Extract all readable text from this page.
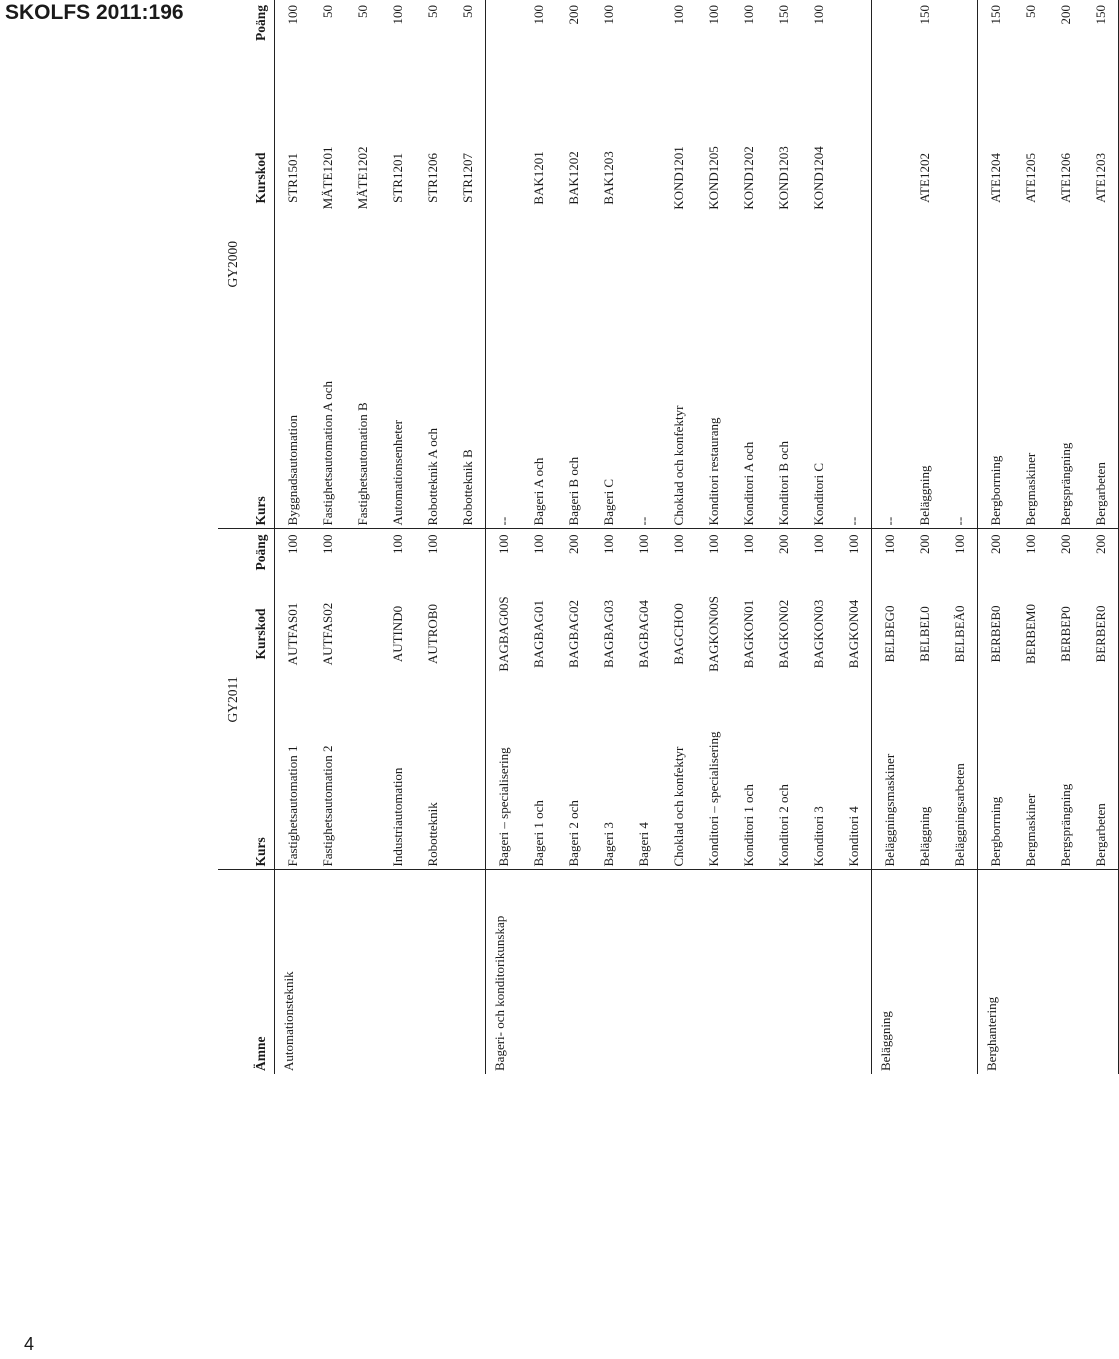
SKOLFS 2011:196
4
	GY2011			GY2000		
Ämne	Kurs	Kurskod	Poäng	Kurs	Kurskod	Poäng
Automationsteknik	Fastighetsautomation 1	AUTFAS01	100	Byggnadsautomation	STR1501	100
	Fastighetsautomation 2	AUTFAS02	100	Fastighetsautomation A och	MÄTE1201	50
				Fastighetsautomation B	MÄTE1202	50
	Industriautomation	AUTIND0	100	Automationsenheter	STR1201	100
	Robotteknik	AUTROB0	100	Robotteknik A och	STR1206	50
				Robotteknik B	STR1207	50
Bageri- och konditorikunskap	Bageri – specialisering	BAGBAG00S	100	--		
	Bageri 1 och	BAGBAG01	100	Bageri A och	BAK1201	100
	Bageri 2 och	BAGBAG02	200	Bageri B och	BAK1202	200
	Bageri 3	BAGBAG03	100	Bageri C	BAK1203	100
	Bageri 4	BAGBAG04	100	--		
	Choklad och konfektyr	BAGCHO0	100	Choklad och konfektyr	KOND1201	100
	Konditori – specialisering	BAGKON00S	100	Konditori restaurang	KOND1205	100
	Konditori 1 och	BAGKON01	100	Konditori A och	KOND1202	100
	Konditori 2 och	BAGKON02	200	Konditori B och	KOND1203	150
	Konditori 3	BAGKON03	100	Konditori C	KOND1204	100
	Konditori 4	BAGKON04	100	--		
Beläggning	Beläggningsmaskiner	BELBEG0	100	--		
	Beläggning	BELBEL0	200	Beläggning	ATE1202	150
	Beläggningsarbeten	BELBEÄ0	100	--		
Berghantering	Bergborrning	BERBEB0	200	Bergborrning	ATE1204	150
	Bergmaskiner	BERBEM0	100	Bergmaskiner	ATE1205	50
	Bergsprängning	BERBEP0	200	Bergsprängning	ATE1206	200
	Bergarbeten	BERBER0	200	Bergarbeten	ATE1203	150
